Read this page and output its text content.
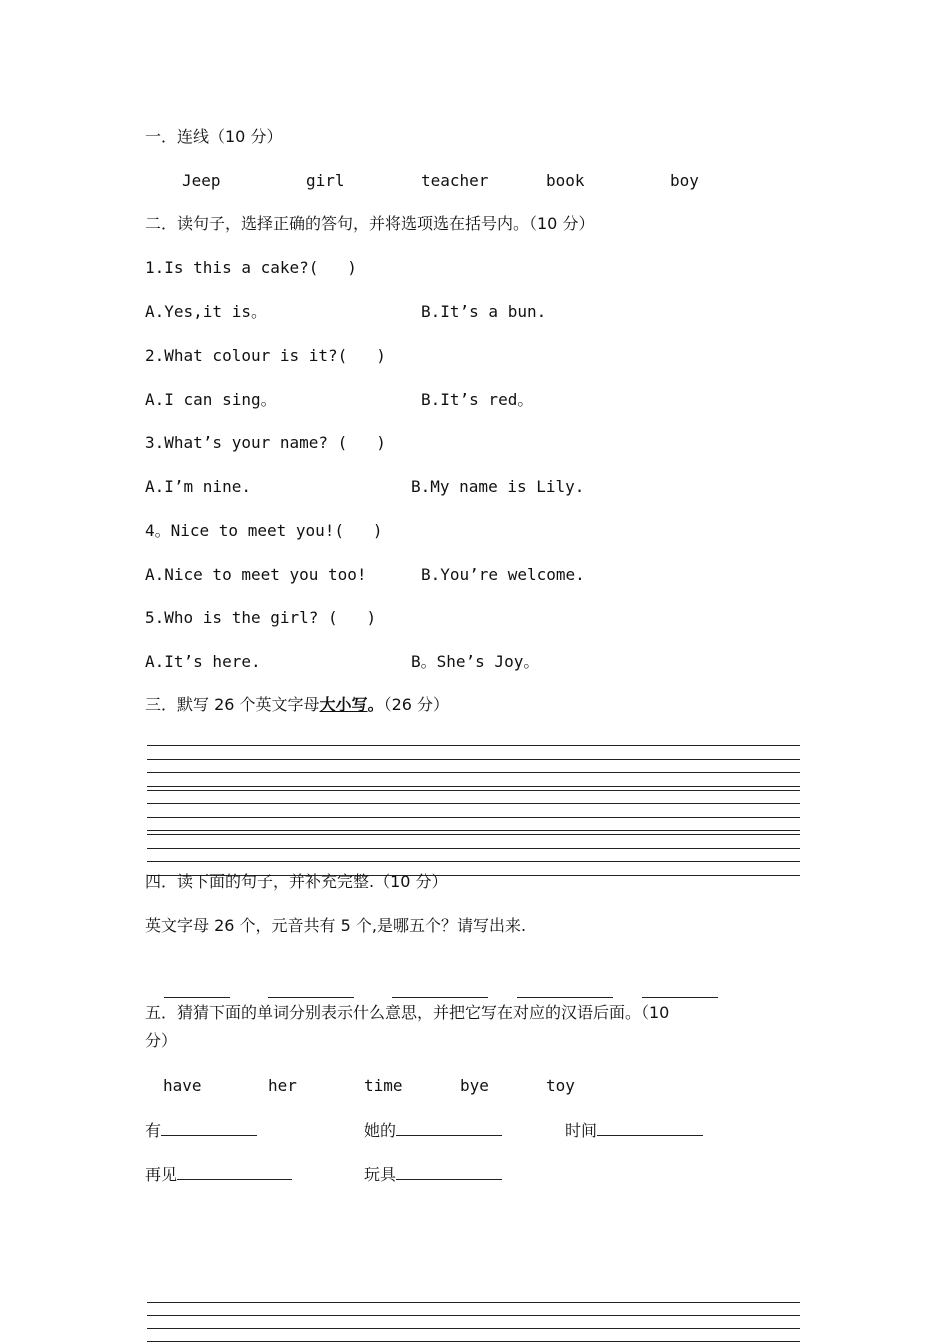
一．连线（10 分）
Jeep	girl	teacher	book	boy
二．读句子，选择正确的答句，并将选项选在括号内。（10 分）
1.Is this a cake?(   )
A.Yes,it is。	B.It’s a bun.
2.What colour is it?(   )
A.I can sing。	B.It’s red。
3.What’s your name? (   )
A.I’m nine.	B.My name is Lily.
4。Nice to meet you!(   )
A.Nice to meet you too!	B.You’re welcome.
5.Who is the girl? (   )
A.It’s here.	B。She’s Joy。
三．默写 26 个英文字母大小写。（26 分）
四．读下面的句子，并补充完整.（10 分）
英文字母 26 个，元音共有 5 个,是哪五个？请写出来.

五．猜猜下面的单词分别表示什么意思，并把它写在对应的汉语后面。（10
分）
have	her	time	bye	toy
有	她的	时间
再见	玩具
